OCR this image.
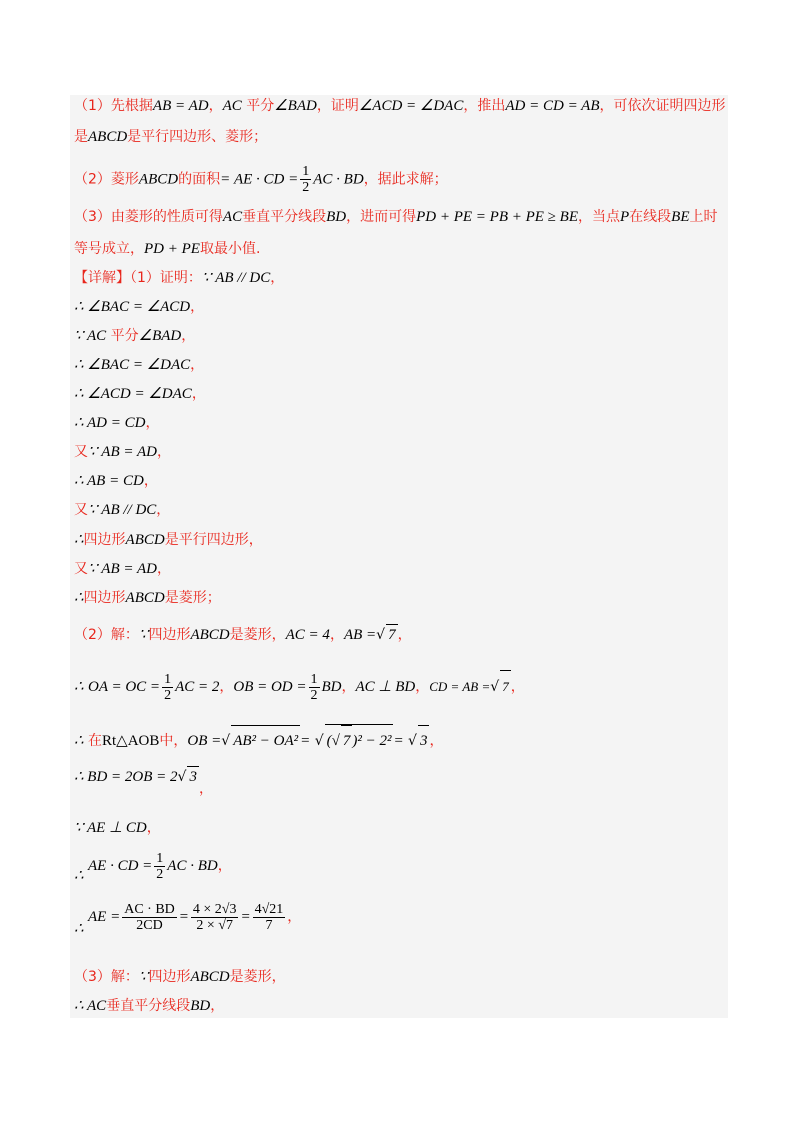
（1）先根据AB = AD，AC 平分∠BAD，证明∠ACD = ∠DAC，推出AD = CD = AB，可依次证明四边形
是ABCD是平行四边形、菱形；
（2）菱形ABCD的面积= AE · CD = $\frac{1}{2}$ AC · BD，据此求解；
（3）由菱形的性质可得AC垂直平分线段BD，进而可得PD + PE = PB + PE ≥ BE，当点P在线段BE上时
等号成立，PD + PE取最小值.
【详解】（1）证明：∵ AB // DC，
∴ ∠BAC = ∠ACD，
∵ AC 平分∠BAD，
∴ ∠BAC = ∠DAC，
∴ ∠ACD = ∠DAC，
∴ AD = CD，
又∵ AB = AD，
∴ AB = CD，
又∵ AB // DC，
∴四边形ABCD是平行四边形，
又∵ AB = AD，
∴四边形ABCD是菱形；
（2）解：∵四边形ABCD是菱形，AC = 4，AB =√ 7 ，
∴ OA = OC = $\frac{1}{2}$ AC = 2，OB = OD = $\frac{1}{2}$ BD，AC ⊥ BD，CD = AB =√ 7 ，
∴ 在Rt△AOB中，OB =√ AB² − OA² = √ (√ 7 )² − 2² = √ 3 ，
∴ BD = 2OB = 2√ 3，
∵ AE ⊥ CD，
∴ AE · CD = $\frac{1}{2}$ AC · BD，
∴ AE = $\frac{AC \cdot BD}{2CD} = \frac{4 \times 2√3}{2 \times √7} = \frac{4√21}{7}$ ，
（3）解：∵四边形ABCD是菱形，
∴ AC垂直平分线段BD，
